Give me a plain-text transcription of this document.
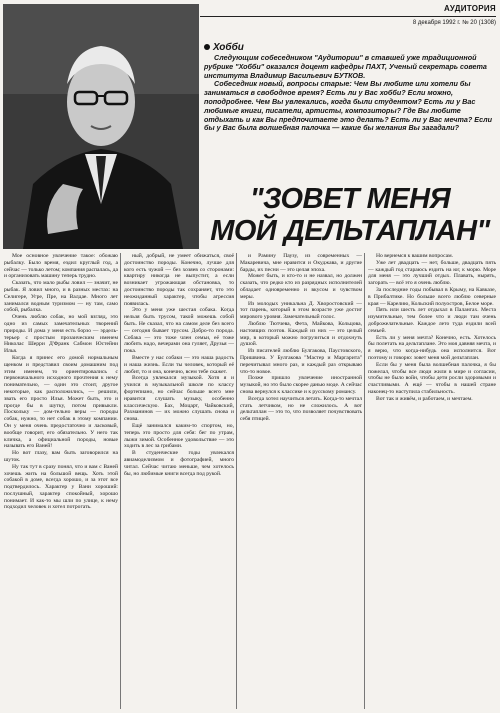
АУДИТОРИЯ
8 декабря 1992 г. № 20 (1308)
Хобби

Следующим собеседником "Аудитории" в ставшей уже традиционной рубрике "Хобби" оказался доцент кафедры ПАХТ, Ученый секретарь совета института Владимир Васильевич БУТКОВ.

Собеседник новый, вопросы старые: Чем Вы любите или хотели бы заниматься в свободное время? Есть ли у Вас хобби? Если можно, поподробнее. Чем Вы увлекались, когда были студентом? Есть ли у Вас любимые книги, писатели, артисты, композиторы? Где Вы любите отдыхать и как Вы предпочитаете это делать? Есть ли у Вас мечта? Если бы у Вас была волшебная палочка — какие бы желания Вы загадали?

"ЗОВЕТ МЕНЯ
МОЙ ДЕЛЬТАПЛАН"

Мое основное увлечение такое: обожаю рыбалку. Было время, ездил круглый год, а сейчас — только летом; компания распалась, да и организовать машину теперь трудно.

Сказать, что мало рыбы ловил — значит, не рыбак. Я ловил много, и в разных местах: на Селигере, Угре, Пре, на Валдае. Много лет занимался водным туризмом — ну там, само собой, рыбалка.

Очень люблю собак, но мой взгляд, это одно из самых замечательных творений природы. И дома у меня есть борзо — эрдель-терьер с простым прозаическим именем Николас Шерри Д'Франк Сабмон Юстейни Илья.

Когда я принес его домой нормальным щенком и представил своим домашним под этим именем, то ориентировались с первоначального исходного прочтения к нему понимательно, — один это стоит, другое некоторые, как расположились, — решили, звать его просто Илья. Может быть, это и прогде бы в шутку, потом привыкли. Поскольку — дом-тельно веры — породы собак, нужно, то нет собак в этому компании. Он у меня очень предостаточно и ласковый, вообще говорит, его обязательно. У него так кличка, а официальной породы, новые называть его Ваней!

Но вот глазу, вам быть заговорился на шуток.

Ну так тут в сразу понял, что и вам с Ваней хочешь жить на большой вещь. Хоть этой собакой в доме, всегда хорошо, и за этот все подтвердилось. Характер у Вани хороший: послушный, характер спокойный, хорошо понимает. И как-то мы шли по улице, к нему подходил человек и хотел потрогать.

ный, добрый, не умеет обижаться, своё достоинство породы. Конечно, лучше для кого есть чужой — без хозяев со сторонами: квартиру никогда не выпустит, а если возникает угрожающая обстановка, то достоинство породы так сохраняет, что это неожиданный характер, чтобы агрессия появилась.

Это у меня уже шестая собака. Когда нельзя быть трусом, такой можешь собой быть. Не сказал, что на самом деле без всего — сегодня бывает трусом. Добро-то порода. Собака — это тоже член семьи, её тоже любить надо, вечерами она гуляет, Друзья — пока.

Вместе у нас собаки — это наша радость и наша жизнь. Если ты человек, который её любит, то и она, конечно, всем тебе скажет.

Всегда увлекался музыкой. Хотя я и учился в музыкальной школе по классу фортепиано, но сейчас больше всего мне нравится слушать музыку, особенно классическую. Бах, Моцарт, Чайковский, Рахманинов — их можно слушать снова и снова.

Ещё занимался каким-то спортом, но, теперь это просто для себя: бег по утрам, лыжи зимой. Особенное удовольствие — это ходить в лес за грибами.

В студенческие годы увлекался авиамоделизмом и фотографией, много читал. Сейчас читаю меньше, чем хотелось бы, но любимые книги всегда под рукой.

и Рамину Паузу, из современных — Макаревича, мне нравится и Окуджава, и другие барды, их песни — это целая эпоха.

Может быть, и кто-то и не назвал, но должен сказать, что редко кто из разрядных исполнителей обладает одновременно и вкусом и чувством меры.

Из молодых уникальна Д. Хворостовский — тот парень, который в этом возрасте уже достиг мирового уровня. Замечательный голос.

Люблю Тютчева, Фета, Майкова, Кольцова, настоящих поэтов. Каждый из них — это целый мир, в который можно погрузиться и отдохнуть душой.

Из писателей люблю Булгакова, Паустовского, Пришвина. У Булгакова "Мастер и Маргарита" перечитывал много раз, и каждый раз открываю что-то новое.

Позже пришло увлечение иностранной музыкой, но это было скорее данью моде. А сейчас снова вернулся к классике и к русскому романсу.

Всегда хотел научиться летать. Когда-то мечтал стать летчиком, но не сложилось. А вот дельтаплан — это то, что позволяет почувствовать себя птицей.

Но вернемся к вашим вопросам.

Уже лет двадцать — нет, больше, двадцать пять — каждый год стараюсь ездить на юг, к морю. Море для меня — это лучший отдых. Плавать, нырять, загорать — всё это я очень люблю.

За последние годы побывал в Крыму, на Кавказе, в Прибалтике. Но больше всего люблю северные края — Карелию, Кольский полуостров, Белое море.

Пять или шесть лет отдыхал в Палангах. Места изумительные, тем более что и люди там очень доброжелательные. Каждое лето туда ездили всей семьей.

Есть ли у меня мечта? Конечно, есть. Хотелось бы полетать на дельтаплане. Это моя давняя мечта, и я верю, что когда-нибудь она исполнится. Вот поэтому и говорю: зовет меня мой дельтаплан.

Если бы у меня была волшебная палочка, я бы пожелал, чтобы все люди жили в мире и согласии, чтобы не было войн, чтобы дети росли здоровыми и счастливыми. А ещё — чтобы в нашей стране наконец-то наступила стабильность.

Вот так и живём, и работаем, и мечтаем.
